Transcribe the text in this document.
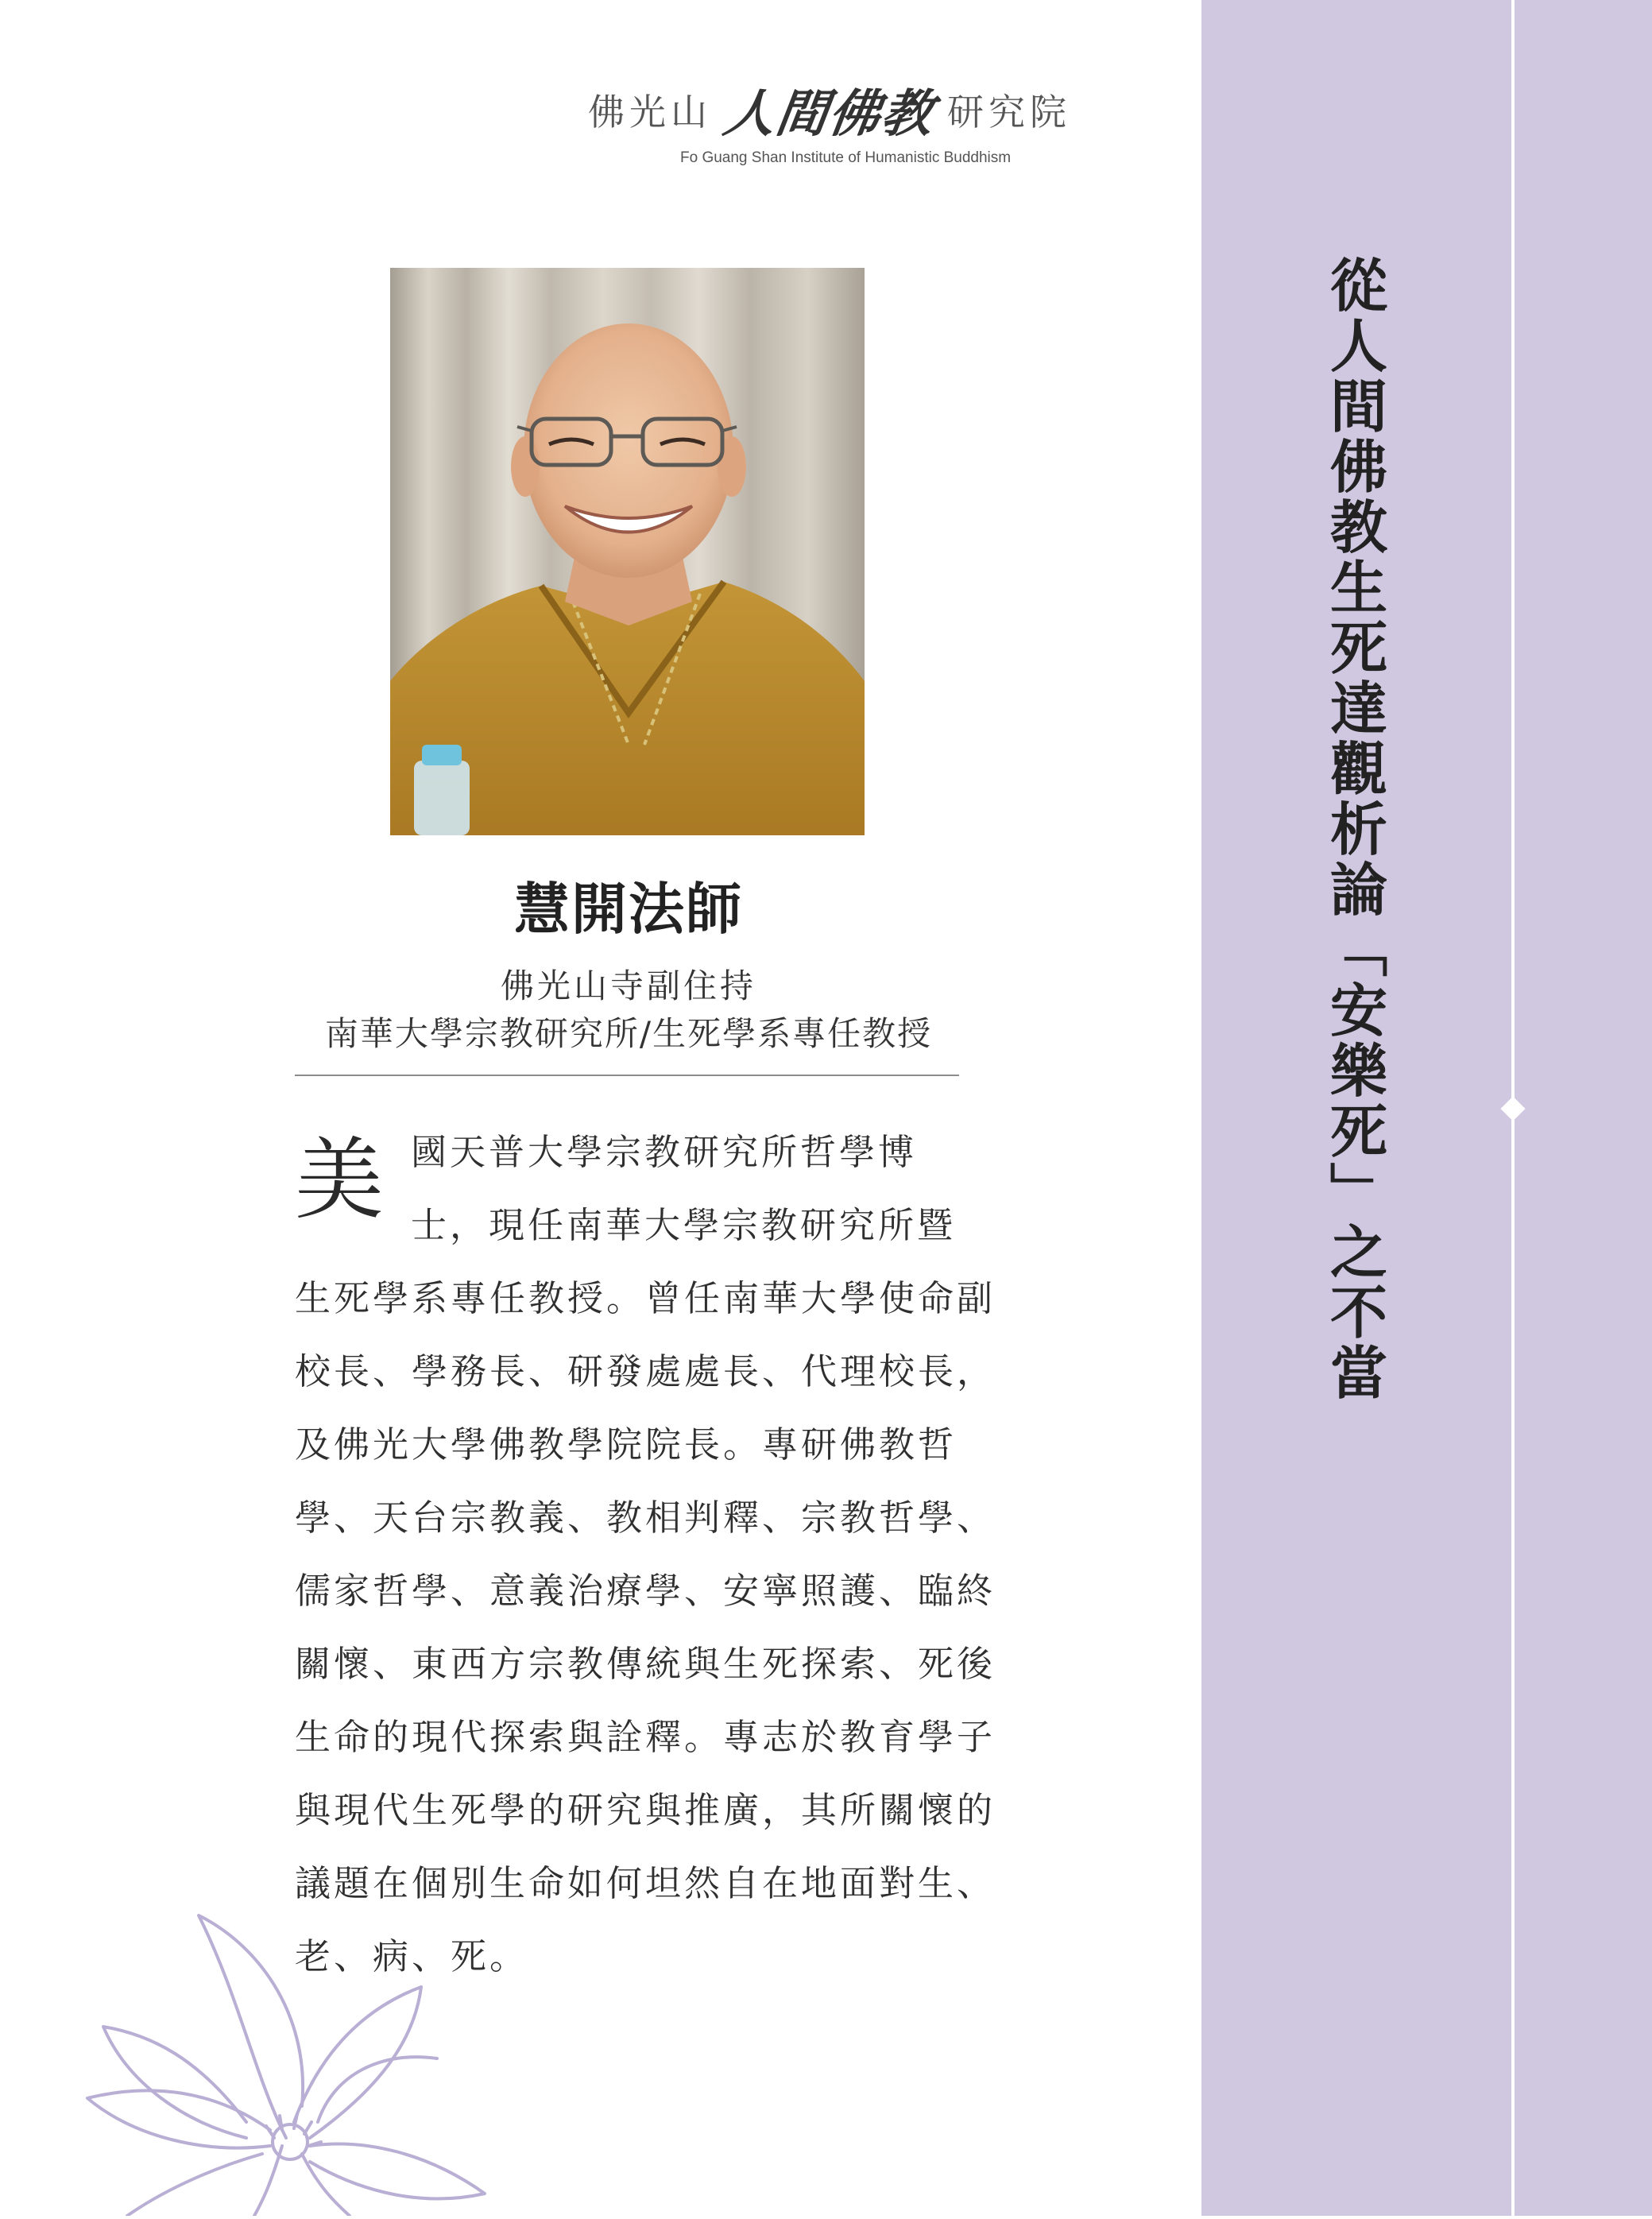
佛光山 人間佛教 研究院
Fo Guang Shan Institute of Humanistic Buddhism
慧開法師
佛光山寺副住持
南華大學宗教研究所/生死學系專任教授
美 國天普大學宗教研究所哲學博
士，現任南華大學宗教研究所暨
生死學系專任教授。曾任南華大學使命副
校長、學務長、研發處處長、代理校長，
及佛光大學佛教學院院長。專研佛教哲
學、天台宗教義、教相判釋、宗教哲學、
儒家哲學、意義治療學、安寧照護、臨終
關懷、東西方宗教傳統與生死探索、死後
生命的現代探索與詮釋。專志於教育學子
與現代生死學的研究與推廣，其所關懷的
議題在個別生命如何坦然自在地面對生、
老、病、死。
從
人
間
佛
教
生
死
達
觀
析
論
﹁
安
樂
死
﹂
之
不
當
